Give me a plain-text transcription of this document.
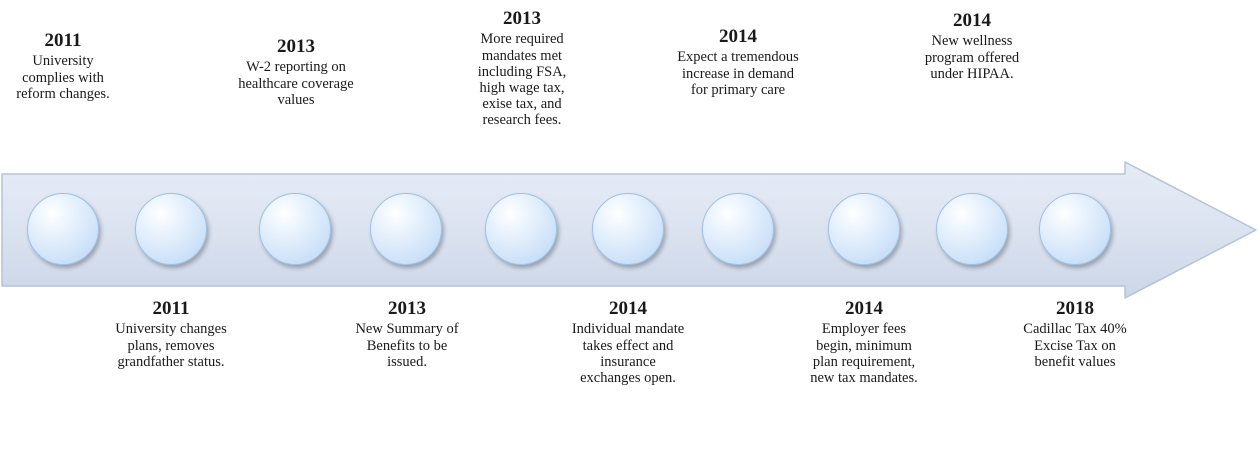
2011
University complies with reform changes.
2013
W-2 reporting on healthcare coverage values
2013
More required mandates met including FSA, high wage tax, exise tax, and research fees.
2014
Expect a tremendous increase in demand for primary care
2014
New wellness program offered under HIPAA.
2011
University changes plans, removes grandfather status.
2013
New Summary of Benefits to be issued.
2014
Individual mandate takes effect and insurance exchanges open.
2014
Employer fees begin, minimum plan requirement, new tax mandates.
2018
Cadillac Tax 40% Excise Tax on benefit values
